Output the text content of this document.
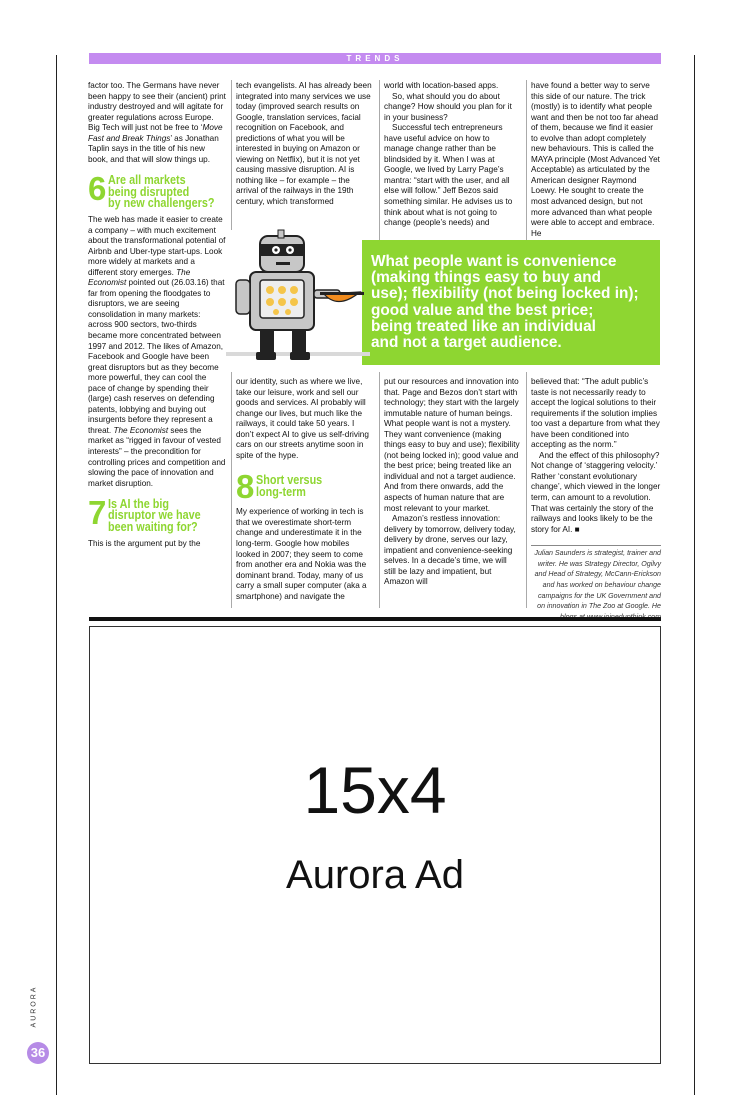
TRENDS

factor too. The Germans have never been happy to see their (ancient) print industry destroyed and will agitate for greater regulations across Europe. Big Tech will just not be free to ‘Move Fast and Break Things’ as Jonathan Taplin says in the title of his new book, and that will slow things up.

6 Are all markets
being disrupted
by new challengers?

The web has made it easier to create a company – with much excitement about the transformational potential of Airbnb and Uber-type start-ups. Look more widely at markets and a different story emerges. The Economist pointed out (26.03.16) that far from opening the floodgates to disruptors, we are seeing consolidation in many markets: across 900 sectors, two-thirds became more concentrated between 1997 and 2012. The likes of Amazon, Facebook and Google have been great disruptors but as they become more powerful, they can cool the pace of change by spending their (large) cash reserves on defending patents, lobbying and buying out insurgents before they represent a threat. The Economist sees the market as “rigged in favour of vested interests” – the precondition for controlling prices and competition and slowing the pace of innovation and market disruption.

7 Is AI the big
disruptor we have
been waiting for?

This is the argument put by the

tech evangelists. AI has already been integrated into many services we use today (improved search results on Google, translation services, facial recognition on Facebook, and predictions of what you will be interested in buying on Amazon or viewing on Netflix), but it is not yet causing massive disruption. AI is nothing like – for example – the arrival of the railways in the 19th century, which transformed

our identity, such as where we live, take our leisure, work and sell our goods and services. AI probably will change our lives, but much like the railways, it could take 50 years. I don’t expect AI to give us self-driving cars on our streets anytime soon in spite of the hype.

8 Short versus
long-term

My experience of working in tech is that we overestimate short-term change and underestimate it in the long-term. Google how mobiles looked in 2007; they seem to come from another era and Nokia was the dominant brand. Today, many of us carry a small super computer (aka a smartphone) and navigate the

world with location-based apps.

So, what should you do about change? How should you plan for it in your business?

Successful tech entrepreneurs have useful advice on how to manage change rather than be blindsided by it. When I was at Google, we lived by Larry Page’s mantra: “start with the user, and all else will follow.” Jeff Bezos said something similar. He advises us to think about what is not going to change (people’s needs) and

put our resources and innovation into that. Page and Bezos don’t start with technology; they start with the largely immutable nature of human beings. What people want is not a mystery. They want convenience (making things easy to buy and use); flexibility (not being locked in); good value and the best price; being treated like an individual and not a target audience. And from there onwards, add the aspects of human nature that are most relevant to your market.

Amazon’s restless innovation: delivery by tomorrow, delivery today, delivery by drone, serves our lazy, impatient and convenience-seeking selves. In a decade’s time, we will still be lazy and impatient, but Amazon will

have found a better way to serve this side of our nature. The trick (mostly) is to identify what people want and then be not too far ahead of them, because we find it easier to evolve than adopt completely new behaviours. This is called the MAYA principle (Most Advanced Yet Acceptable) as articulated by the American designer Raymond Loewy. He sought to create the most advanced design, but not more advanced than what people were able to accept and embrace. He

believed that: “The adult public’s taste is not necessarily ready to accept the logical solutions to their requirements if the solution implies too vast a departure from what they have been conditioned into accepting as the norm.”

And the effect of this philosophy? Not change of ‘staggering velocity.’ Rather ‘constant evolutionary change’, which viewed in the longer term, can amount to a revolution. That was certainly the story of the railways and looks likely to be the story for AI. ■

Julian Saunders is strategist, trainer and writer. He was Strategy Director, Ogilvy and Head of Strategy, McCann-Erickson and has worked on behaviour change campaigns for the UK Government and on innovation in The Zoo at Google. He
What people want is convenience
(making things easy to buy and
use); flexibility (not being locked in);
good value and the best price;
being treated like an individual
and not a target audience.
15x4
Aurora Ad
AURORA
36
